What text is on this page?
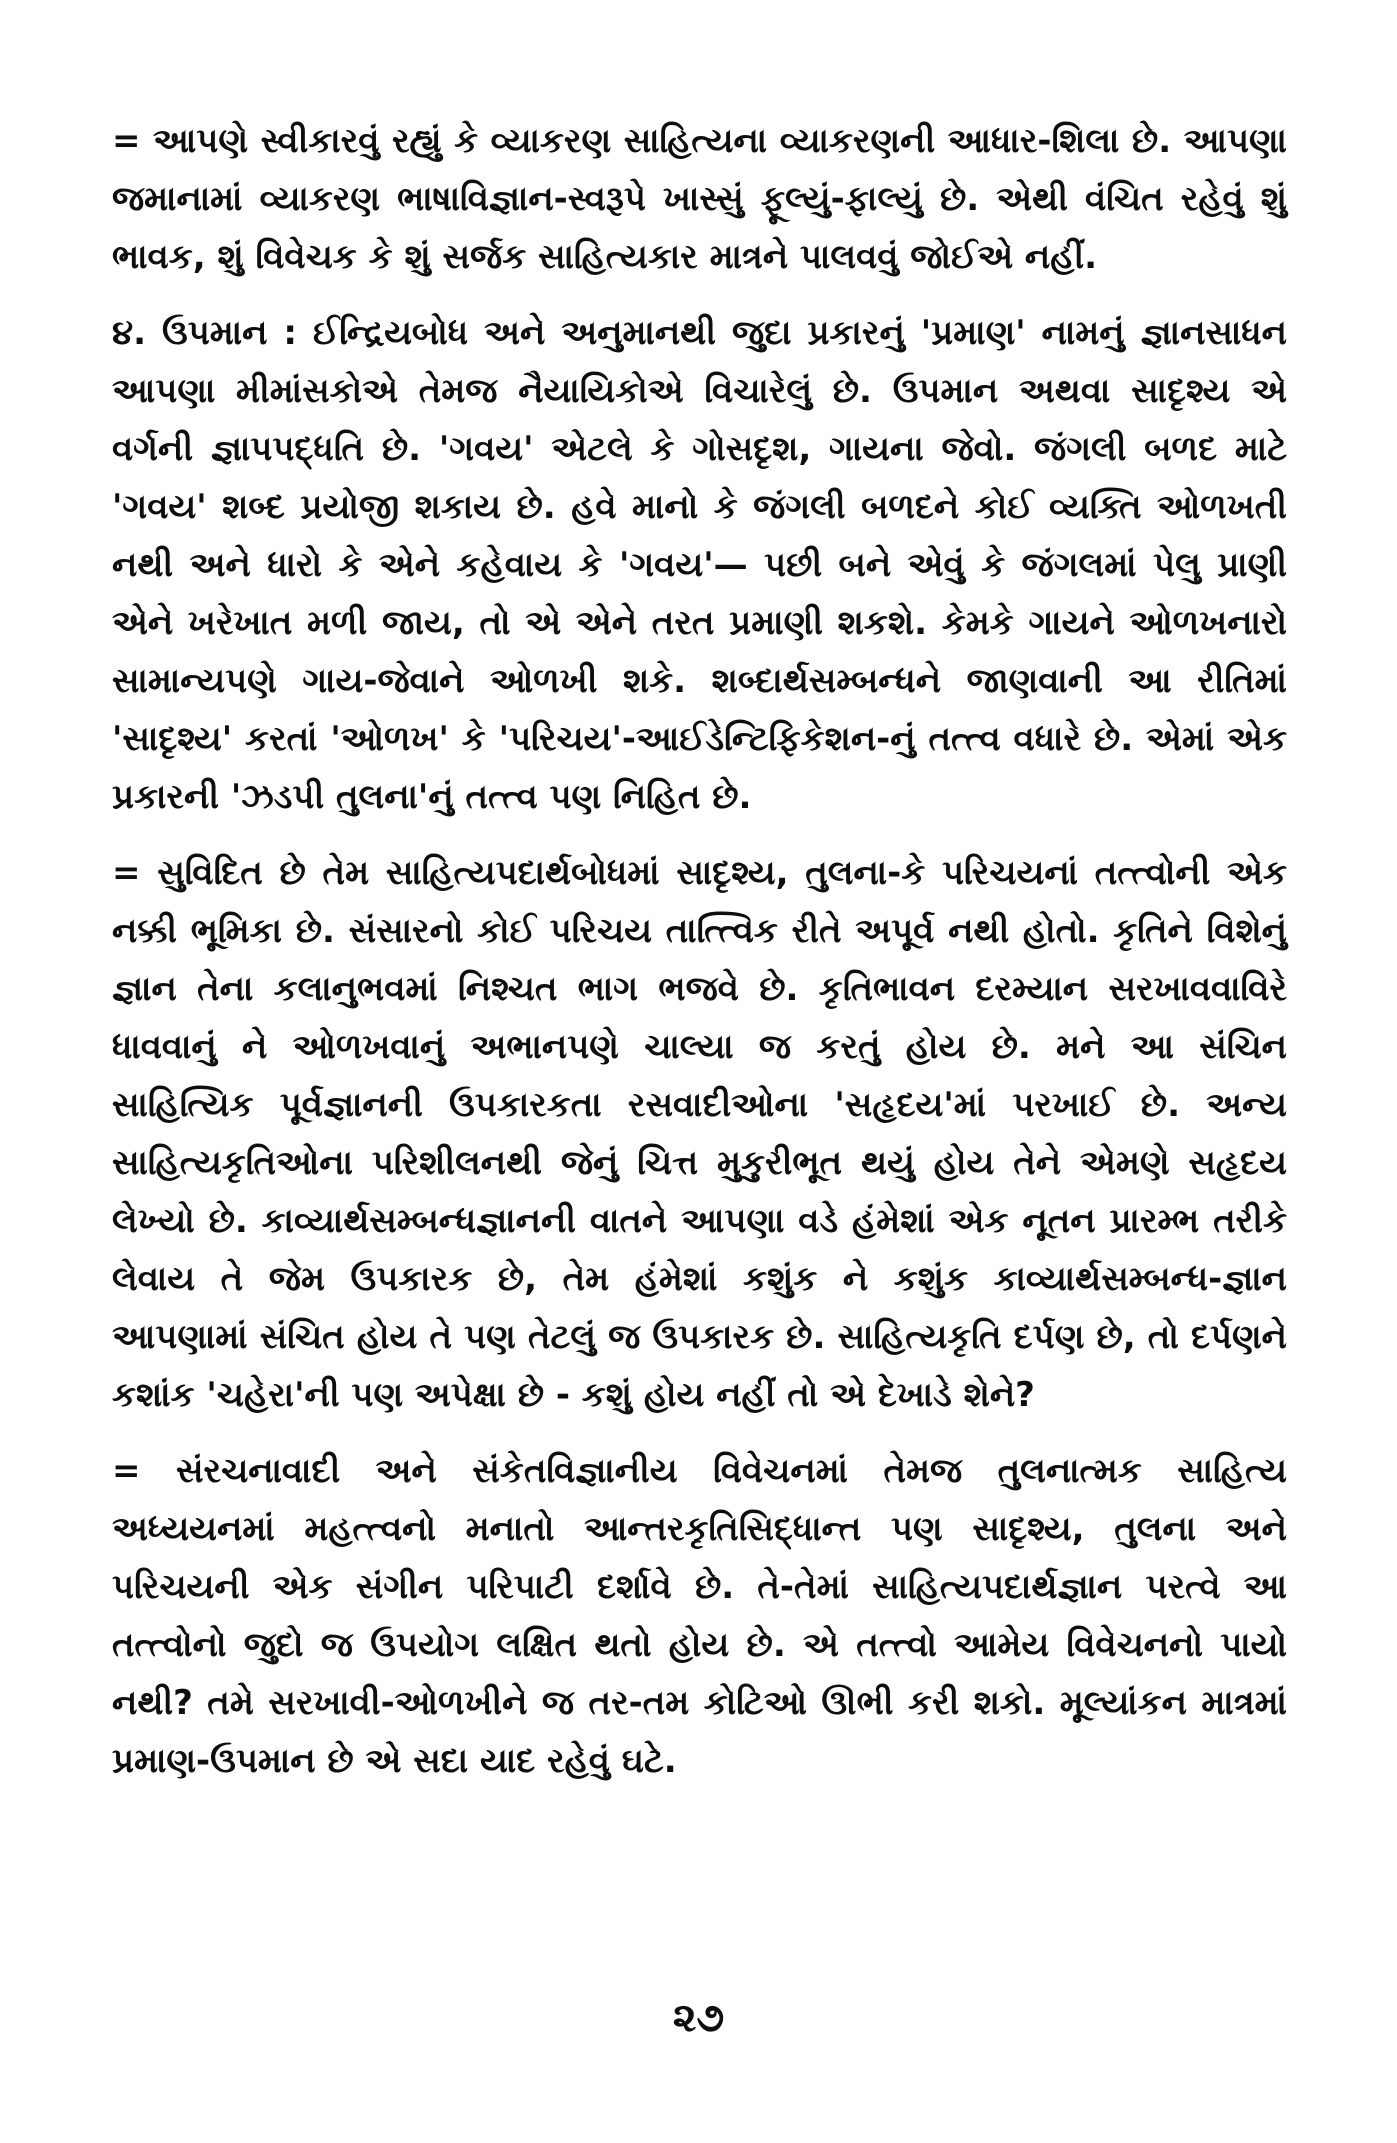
= આપણે સ્વીકારવું રહ્યું કે વ્યાકરણ સાહિત્યના વ્યાકરણની આધાર-શિલા છે. આપણા જમાનામાં વ્યાકરણ ભાષાવિજ્ઞાન-સ્વરૂપે ખાસ્સું ફૂલ્યું-ફાલ્યું છે. એથી વંચિત રહેવું શું ભાવક, શું વિવેચક કે શું સર્જક સાહિત્યકાર માત્રને પાલવવું જોઈએ નહીં.

૪. ઉપમાન : ઈન્દ્રિયબોધ અને અનુમાનથી જુદા પ્રકારનું 'પ્રમાણ' નામનું જ્ઞાનસાધન આપણા મીમાંસકોએ તેમજ નૈયાયિકોએ વિચારેલું છે. ઉપમાન અથવા સાદૃશ્ય એ વર્ગની જ્ઞાપપદ્ધતિ છે. 'ગવય' એટલે કે ગોસદૃશ, ગાયના જેવો. જંગલી બળદ માટે 'ગવય' શબ્દ પ્રયોજી શકાય છે. હવે માનો કે જંગલી બળદને કોઈ વ્યક્તિ ઓળખતી નથી અને ધારો કે એને કહેવાય કે 'ગવય'— પછી બને એવું કે જંગલમાં પેલુ પ્રાણી એને ખરેખાત મળી જાય, તો એ એને તરત પ્રમાણી શકશે. કેમકે ગાયને ઓળખનારો સામાન્યપણે ગાય-જેવાને ઓળખી શકે. શબ્દાર્થસમ્બન્ધને જાણવાની આ રીતિમાં 'સાદૃશ્ય' કરતાં 'ઓળખ' કે 'પરિચય'-આઈડેન્ટિફિકેશન-નું તત્ત્વ વધારે છે. એમાં એક પ્રકારની 'ઝડપી તુલના'નું તત્ત્વ પણ નિહિત છે.

= સુવિદિત છે તેમ સાહિત્યપદાર્થબોધમાં સાદૃશ્ય, તુલના-કે પરિચયનાં તત્ત્વોની એક નક્કી ભૂમિકા છે. સંસારનો કોઈ પરિચય તાત્ત્વિક રીતે અપૂર્વ નથી હોતો. કૃતિને વિશેનું જ્ઞાન તેના કલાનુભવમાં નિશ્ચત ભાગ ભજવે છે. કૃતિભાવન દરમ્યાન સરખાવવાવિરે ધાવવાનું ને ઓળખવાનું અભાનપણે ચાલ્યા જ કરતું હોય છે. મને આ સંચિન સાહિત્યિક પૂર્વજ્ઞાનની ઉપકારકતા રસવાદીઓના 'સહૃદય'માં પરખાઈ છે. અન્ય સાહિત્યકૃતિઓના પરિશીલનથી જેનું ચિત્ત મુકુરીભૂત થયું હોય તેને એમણે સહૃદય લેખ્યો છે. કાવ્યાર્થસમ્બન્ધજ્ઞાનની વાતને આપણા વડે હંમેશાં એક નૂતન પ્રારમ્ભ તરીકે લેવાય તે જેમ ઉપકારક છે, તેમ હંમેશાં કશુંક ને કશુંક કાવ્યાર્થસમ્બન્ધ-જ્ઞાન આપણામાં સંચિત હોય તે પણ તેટલું જ ઉપકારક છે. સાહિત્યકૃતિ દર્પણ છે, તો દર્પણને કશાંક 'ચહેરા'ની પણ અપેક્ષા છે - કશું હોય નહીં તો એ દેખાડે શેને?

= સંરચનાવાદી અને સંકેતવિજ્ઞાનીય વિવેચનમાં તેમજ તુલનાત્મક સાહિત્ય અધ્યયનમાં મહત્ત્વનો મનાતો આન્તરકૃતિસિદ્ધાન્ત પણ સાદૃશ્ય, તુલના અને પરિચયની એક સંગીન પરિપાટી દર્શાવે છે. તે-તેમાં સાહિત્યપદાર્થજ્ઞાન પરત્વે આ તત્ત્વોનો જુદો જ ઉપયોગ લક્ષિત થતો હોય છે. એ તત્ત્વો આમેય વિવેચનનો પાયો નથી? તમે સરખાવી-ઓળખીને જ તર-તમ કોટિઓ ઊભી કરી શકો. મૂલ્યાંકન માત્રમાં પ્રમાણ-ઉપમાન છે એ સદા યાદ રહેવું ઘટે.

૨૭
